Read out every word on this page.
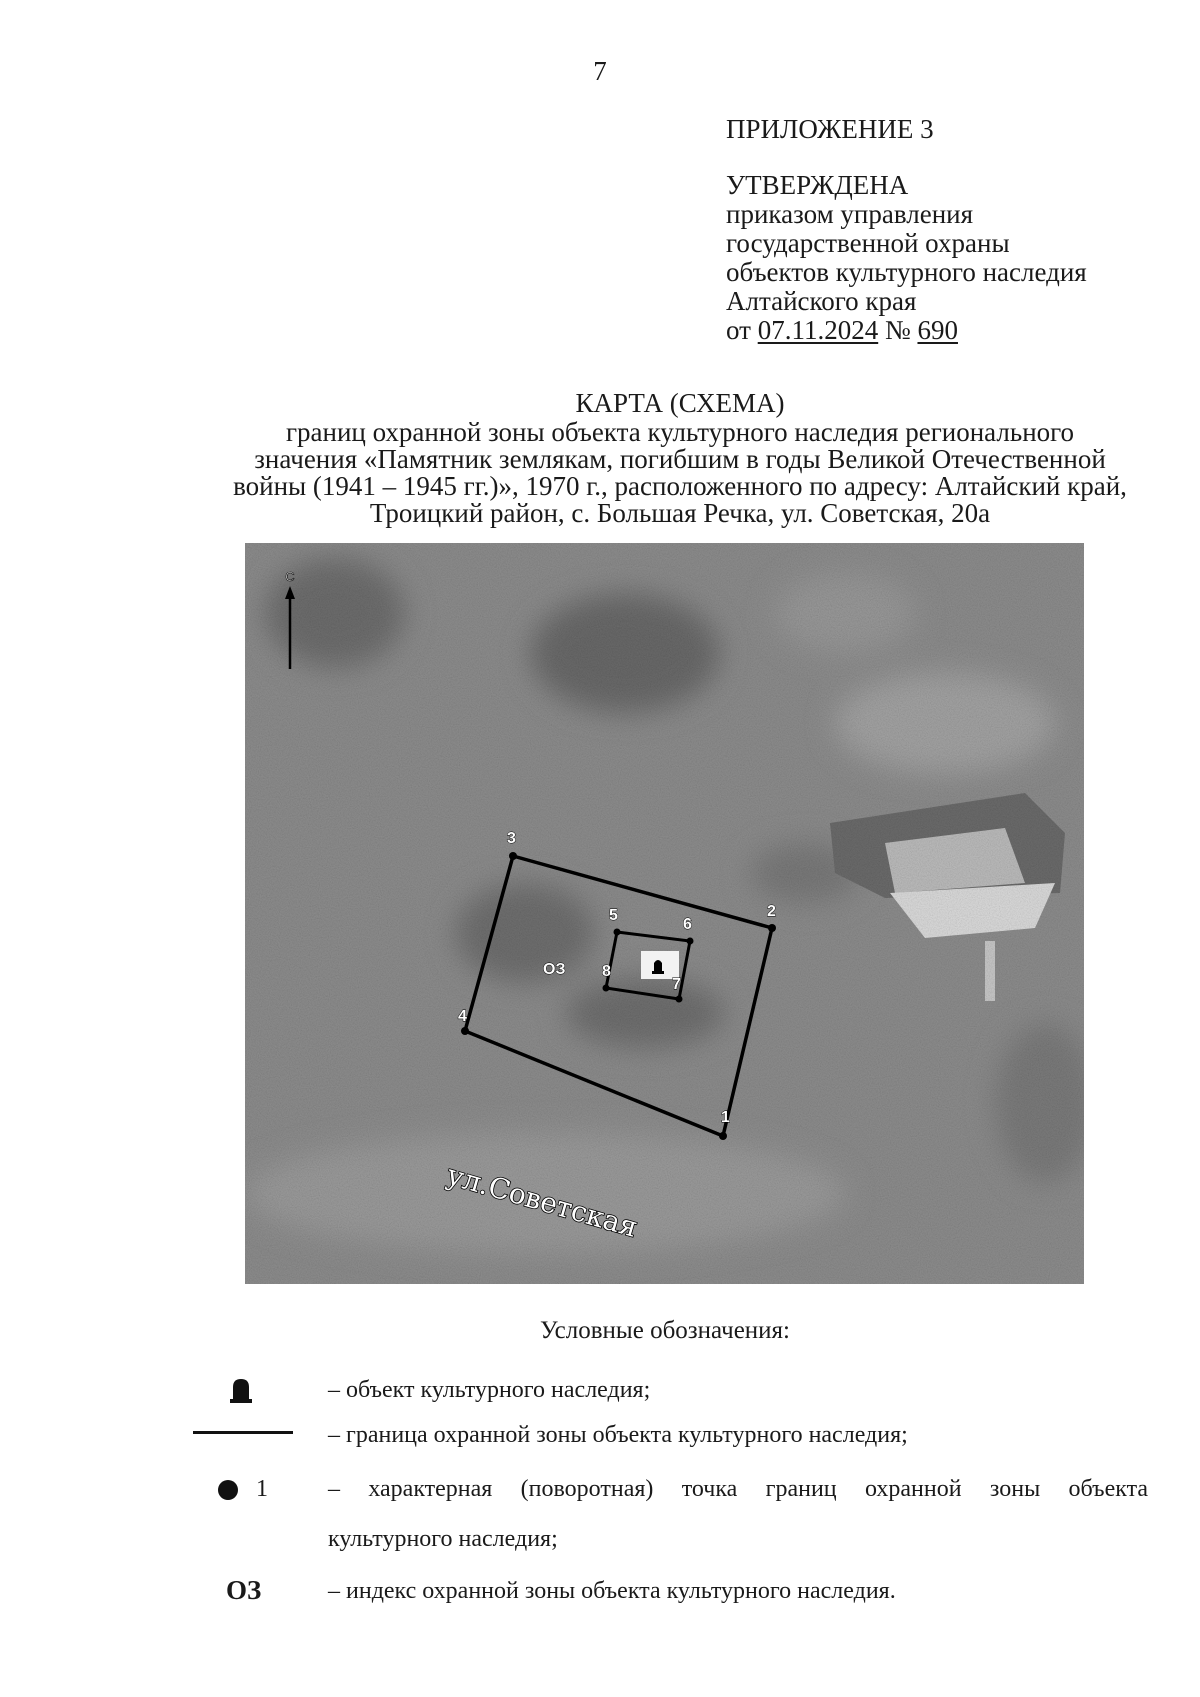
7
ПРИЛОЖЕНИЕ 3
УТВЕРЖДЕНА
приказом управления
государственной охраны
объектов культурного наследия
Алтайского края
от 07.11.2024 № 690
КАРТА (СХЕМА)
границ охранной зоны объекта культурного наследия регионального
значения «Памятник землякам, погибшим в годы Великой Отечественной
войны (1941 – 1945 гг.)», 1970 г., расположенного по адресу: Алтайский край,
Троицкий район, с. Большая Речка, ул. Советская, 20а
С
1
2
3
4
5
6
7
8
ОЗ
ул.Советская
Условные обозначения:
– объект культурного наследия;
– граница охранной зоны объекта культурного наследия;
1	– характерная (поворотная) точка границ охранной зоны объекта
культурного наследия;
ОЗ	– индекс охранной зоны объекта культурного наследия.
